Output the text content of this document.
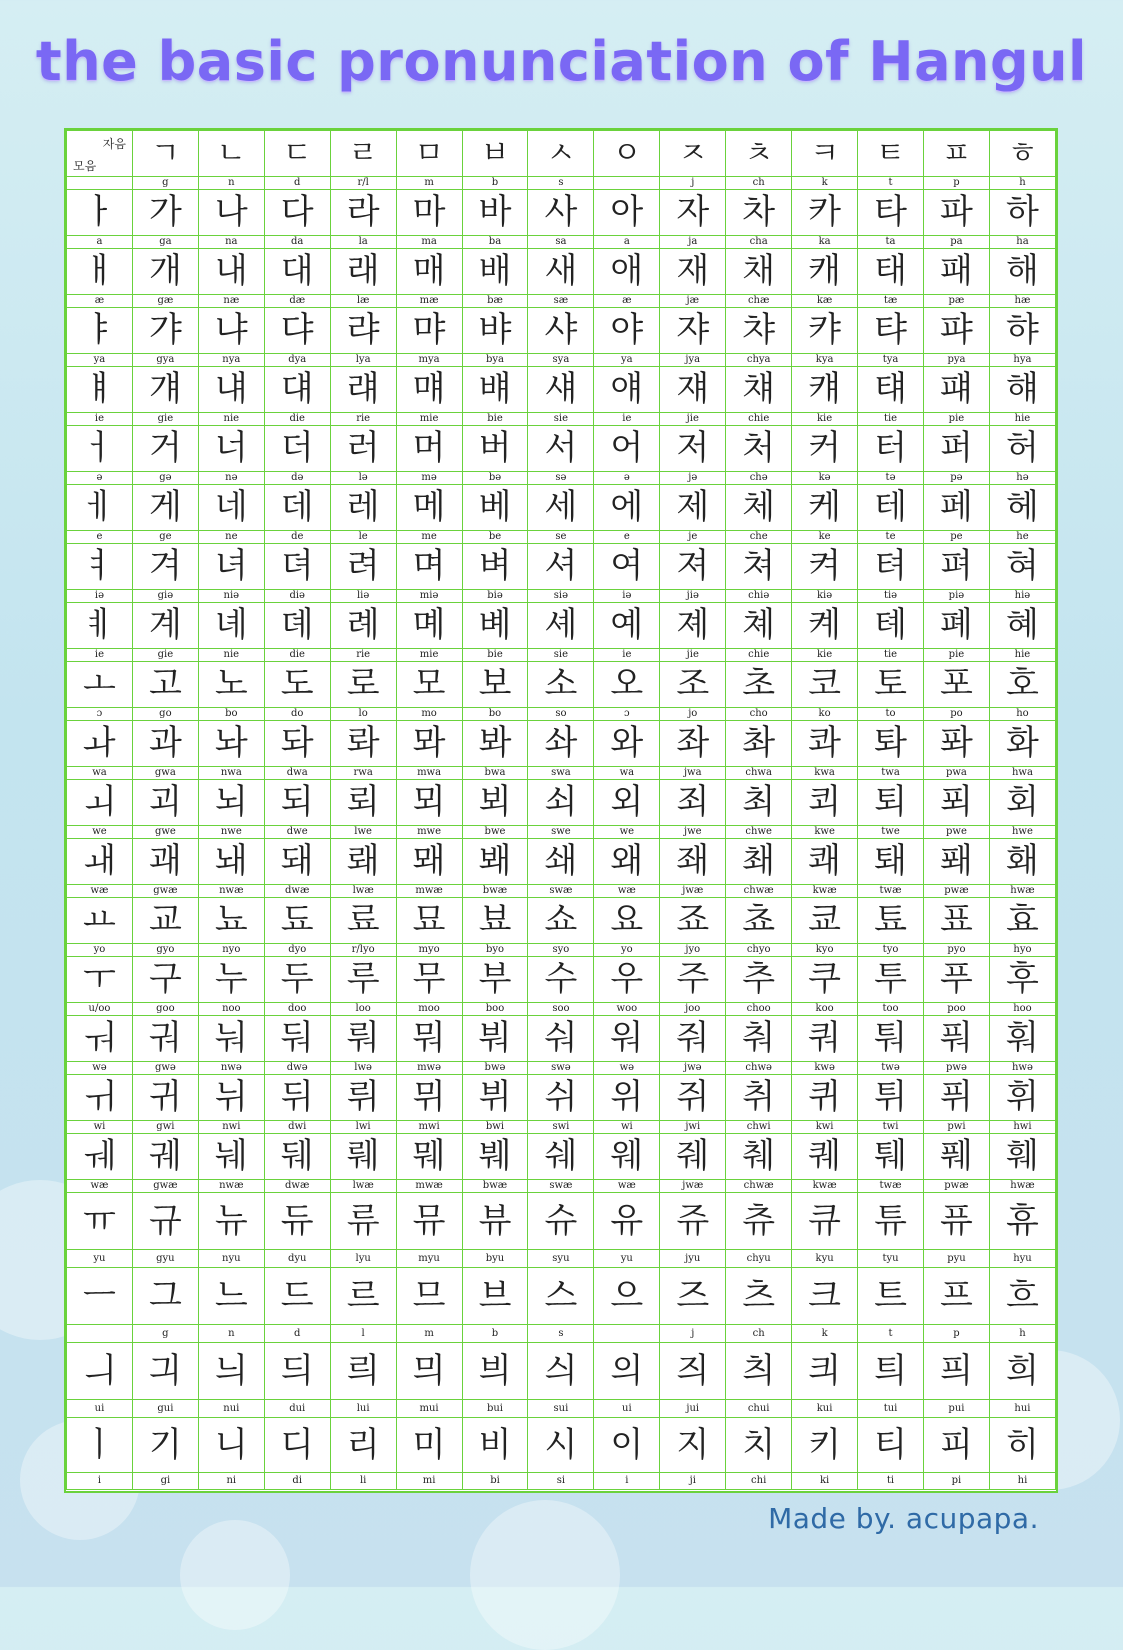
the basic pronunciation of Hangul
자음
모음	ㄱ	ㄴ	ㄷ	ㄹ	ㅁ	ㅂ	ㅅ	ㅇ	ㅈ	ㅊ	ㅋ	ㅌ	ㅍ	ㅎ
	g	n	d	r/l	m	b	s		j	ch	k	t	p	h
ㅏ	가	나	다	라	마	바	사	아	자	차	카	타	파	하
a	ga	na	da	la	ma	ba	sa	a	ja	cha	ka	ta	pa	ha
ㅐ	개	내	대	래	매	배	새	애	재	채	캐	태	패	해
æ	gæ	næ	dæ	læ	mæ	bæ	sæ	æ	jæ	chæ	kæ	tæ	pæ	hæ
ㅑ	갸	냐	댜	랴	먀	뱌	샤	야	쟈	챠	캬	탸	퍄	햐
ya	gya	nya	dya	lya	mya	bya	sya	ya	jya	chya	kya	tya	pya	hya
ㅒ	걔	냬	댸	럐	먜	뱨	섀	얘	쟤	챼	컈	턔	퍠	햬
ie	gie	nie	die	rie	mie	bie	sie	ie	jie	chie	kie	tie	pie	hie
ㅓ	거	너	더	러	머	버	서	어	저	처	커	터	퍼	허
ə	gə	nə	də	lə	mə	bə	sə	ə	jə	chə	kə	tə	pə	hə
ㅔ	게	네	데	레	메	베	세	에	제	체	케	테	페	헤
e	ge	ne	de	le	me	be	se	e	je	che	ke	te	pe	he
ㅕ	겨	녀	뎌	려	며	벼	셔	여	져	쳐	켜	텨	펴	혀
iə	giə	niə	diə	liə	miə	biə	siə	iə	jiə	chiə	kiə	tiə	piə	hiə
ㅖ	계	녜	뎨	례	몌	볘	셰	예	졔	쳬	켸	톄	폐	혜
ie	gie	nie	die	rie	mie	bie	sie	ie	jie	chie	kie	tie	pie	hie
ㅗ	고	노	도	로	모	보	소	오	조	초	코	토	포	호
ɔ	go	bo	do	lo	mo	bo	so	ɔ	jo	cho	ko	to	po	ho
ㅘ	과	놔	돠	롸	뫄	봐	솨	와	좌	촤	콰	톼	퐈	화
wa	gwa	nwa	dwa	rwa	mwa	bwa	swa	wa	jwa	chwa	kwa	twa	pwa	hwa
ㅚ	괴	뇌	되	뢰	뫼	뵈	쇠	외	죄	최	쾨	퇴	푀	회
we	gwe	nwe	dwe	lwe	mwe	bwe	swe	we	jwe	chwe	kwe	twe	pwe	hwe
ㅙ	괘	놰	돼	뢔	뫠	봬	쇄	왜	좨	쵀	쾌	퇘	퐤	홰
wæ	gwæ	nwæ	dwæ	lwæ	mwæ	bwæ	swæ	wæ	jwæ	chwæ	kwæ	twæ	pwæ	hwæ
ㅛ	교	뇨	됴	료	묘	뵤	쇼	요	죠	쵸	쿄	툐	표	효
yo	gyo	nyo	dyo	r/lyo	myo	byo	syo	yo	jyo	chyo	kyo	tyo	pyo	hyo
ㅜ	구	누	두	루	무	부	수	우	주	추	쿠	투	푸	후
u/oo	goo	noo	doo	loo	moo	boo	soo	woo	joo	choo	koo	too	poo	hoo
ㅝ	궈	눠	둬	뤄	뭐	붜	숴	워	줘	춰	쿼	퉈	풔	훠
wə	gwə	nwə	dwə	lwə	mwə	bwə	swə	wə	jwə	chwə	kwə	twə	pwə	hwə
ㅟ	귀	뉘	뒤	뤼	뮈	뷔	쉬	위	쥐	취	퀴	튀	퓌	휘
wi	gwi	nwi	dwi	lwi	mwi	bwi	swi	wi	jwi	chwi	kwi	twi	pwi	hwi
ㅞ	궤	눼	뒈	뤠	뭬	붸	쉐	웨	줴	췌	퀘	퉤	풰	훼
wæ	gwæ	nwæ	dwæ	lwæ	mwæ	bwæ	swæ	wæ	jwæ	chwæ	kwæ	twæ	pwæ	hwæ
ㅠ	규	뉴	듀	류	뮤	뷰	슈	유	쥬	츄	큐	튜	퓨	휴
yu	gyu	nyu	dyu	lyu	myu	byu	syu	yu	jyu	chyu	kyu	tyu	pyu	hyu
ㅡ	그	느	드	르	므	브	스	으	즈	츠	크	트	프	흐
	g	n	d	l	m	b	s		j	ch	k	t	p	h
ㅢ	긔	늬	듸	릐	믜	븨	싀	의	즤	츼	킈	틔	픠	희
ui	gui	nui	dui	lui	mui	bui	sui	ui	jui	chui	kui	tui	pui	hui
ㅣ	기	니	디	리	미	비	시	이	지	치	키	티	피	히
i	gi	ni	di	li	mi	bi	si	i	ji	chi	ki	ti	pi	hi
Made by. acupapa.
